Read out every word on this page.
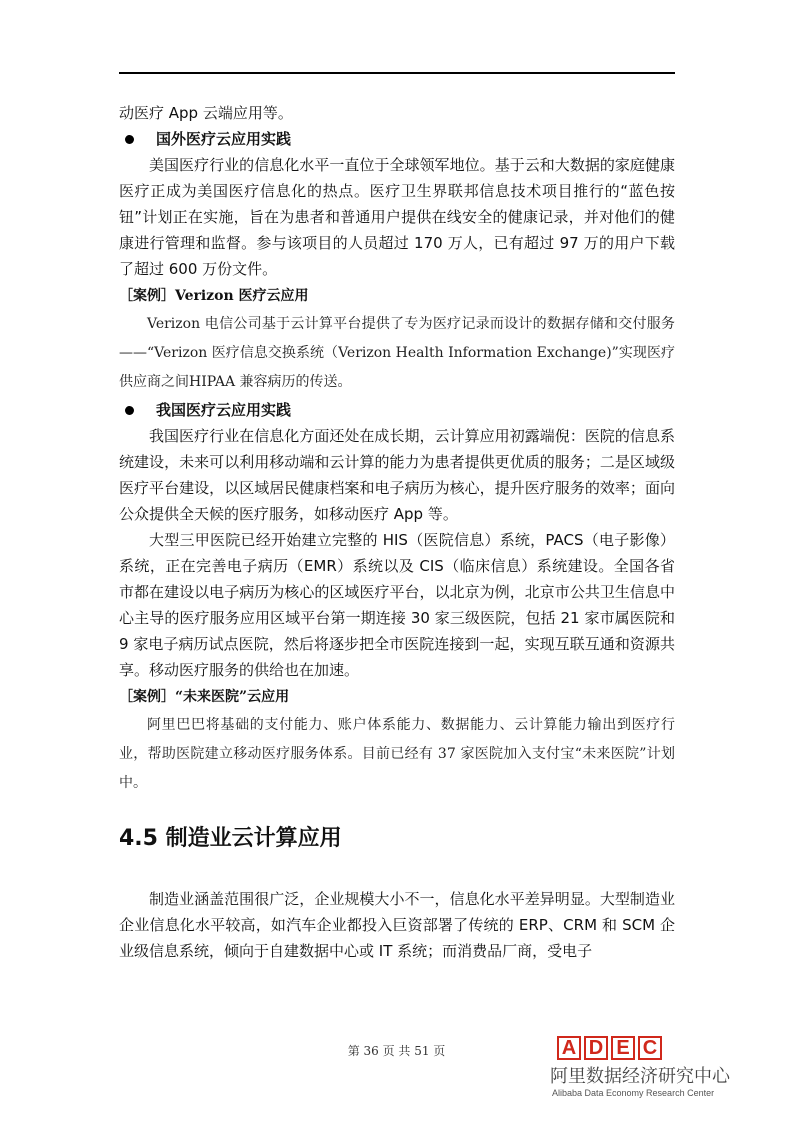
动医疗 App 云端应用等。

国外医疗云应用实践

美国医疗行业的信息化水平一直位于全球领军地位。基于云和大数据的家庭健康医疗正成为美国医疗信息化的热点。医疗卫生界联邦信息技术项目推行的“蓝色按钮”计划正在实施，旨在为患者和普通用户提供在线安全的健康记录，并对他们的健康进行管理和监督。参与该项目的人员超过 170 万人，已有超过 97 万的用户下载了超过 600 万份文件。

［案例］Verizon 医疗云应用

Verizon 电信公司基于云计算平台提供了专为医疗记录而设计的数据存储和交付服务——“Verizon 医疗信息交换系统（Verizon Health Information Exchange)”实现医疗供应商之间HIPAA 兼容病历的传送。

我国医疗云应用实践

我国医疗行业在信息化方面还处在成长期，云计算应用初露端倪：医院的信息系统建设，未来可以利用移动端和云计算的能力为患者提供更优质的服务；二是区域级医疗平台建设，以区域居民健康档案和电子病历为核心，提升医疗服务的效率；面向公众提供全天候的医疗服务，如移动医疗 App 等。

大型三甲医院已经开始建立完整的 HIS（医院信息）系统，PACS（电子影像）系统，正在完善电子病历（EMR）系统以及 CIS（临床信息）系统建设。全国各省市都在建设以电子病历为核心的区域医疗平台，以北京为例，北京市公共卫生信息中心主导的医疗服务应用区域平台第一期连接 30 家三级医院，包括 21 家市属医院和 9 家电子病历试点医院，然后将逐步把全市医院连接到一起，实现互联互通和资源共享。移动医疗服务的供给也在加速。

［案例］“未来医院”云应用

阿里巴巴将基础的支付能力、账户体系能力、数据能力、云计算能力输出到医疗行业，帮助医院建立移动医疗服务体系。目前已经有 37 家医院加入支付宝“未来医院”计划中。

4.5 制造业云计算应用

制造业涵盖范围很广泛，企业规模大小不一，信息化水平差异明显。大型制造业企业信息化水平较高，如汽车企业都投入巨资部署了传统的 ERP、CRM 和 SCM 企业级信息系统，倾向于自建数据中心或 IT 系统；而消费品厂商，受电子

第 36 页 共 51 页	A D E C
阿里数据经济研究中心
Alibaba Data Economy Research Center
